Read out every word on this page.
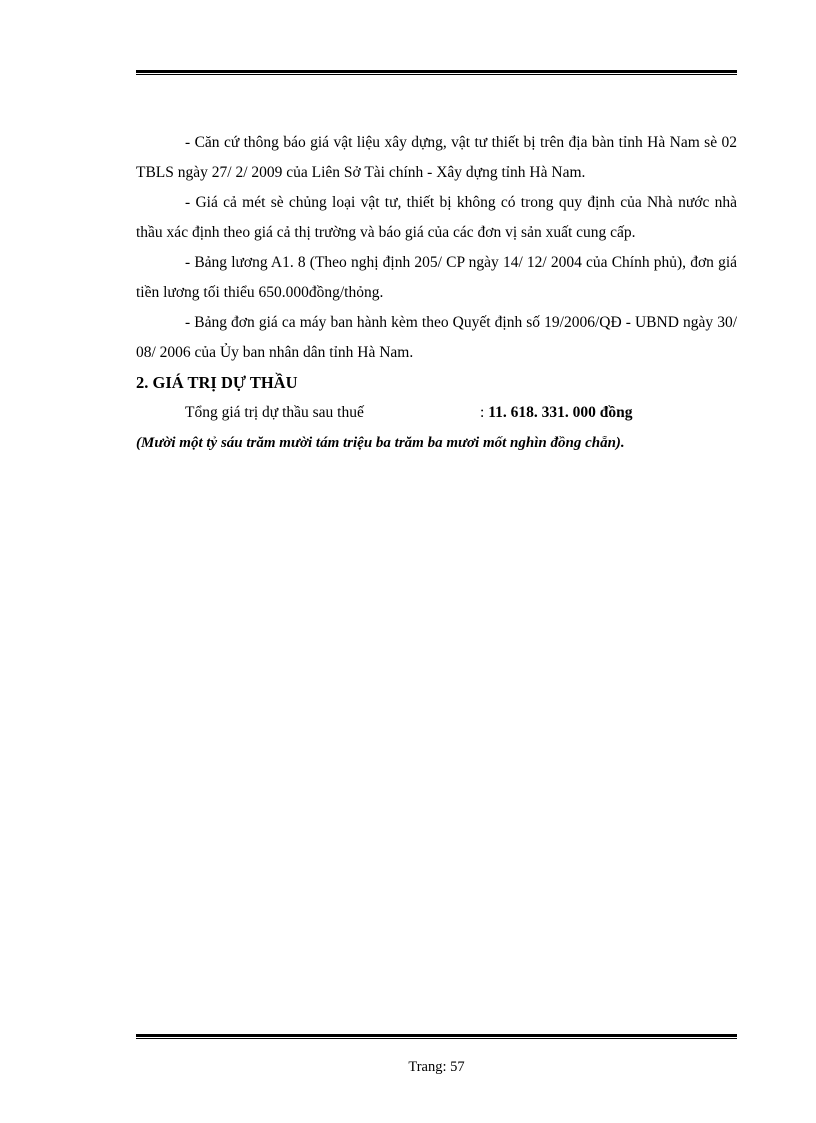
- Căn cứ thông báo giá vật liệu xây dựng, vật tư thiết bị trên địa bàn tỉnh Hà Nam sè 02 TBLS ngày 27/ 2/ 2009 của Liên Sở Tài chính - Xây dựng tỉnh Hà Nam.

- Giá cả mét sè chủng loại vật tư, thiết bị không có trong quy định của Nhà nước nhà thầu xác định theo giá cả thị trường và báo giá của các đơn vị sản xuất cung cấp.

- Bảng lương A1. 8 (Theo nghị định 205/ CP ngày 14/ 12/ 2004 của Chính phủ), đơn giá tiền lương tối thiểu 650.000đồng/thỏng.

- Bảng đơn giá ca máy ban hành kèm theo Quyết định số 19/2006/QĐ - UBND ngày 30/ 08/ 2006 của Ủy ban nhân dân tỉnh Hà Nam.

2. GIÁ TRỊ DỰ THẦU

Tổng giá trị dự thầu sau thuế	: 11. 618. 331. 000 đồng

(Mười một tỷ sáu trăm mười tám triệu ba trăm ba mươi mốt nghìn đồng chẵn).

Trang: 57
